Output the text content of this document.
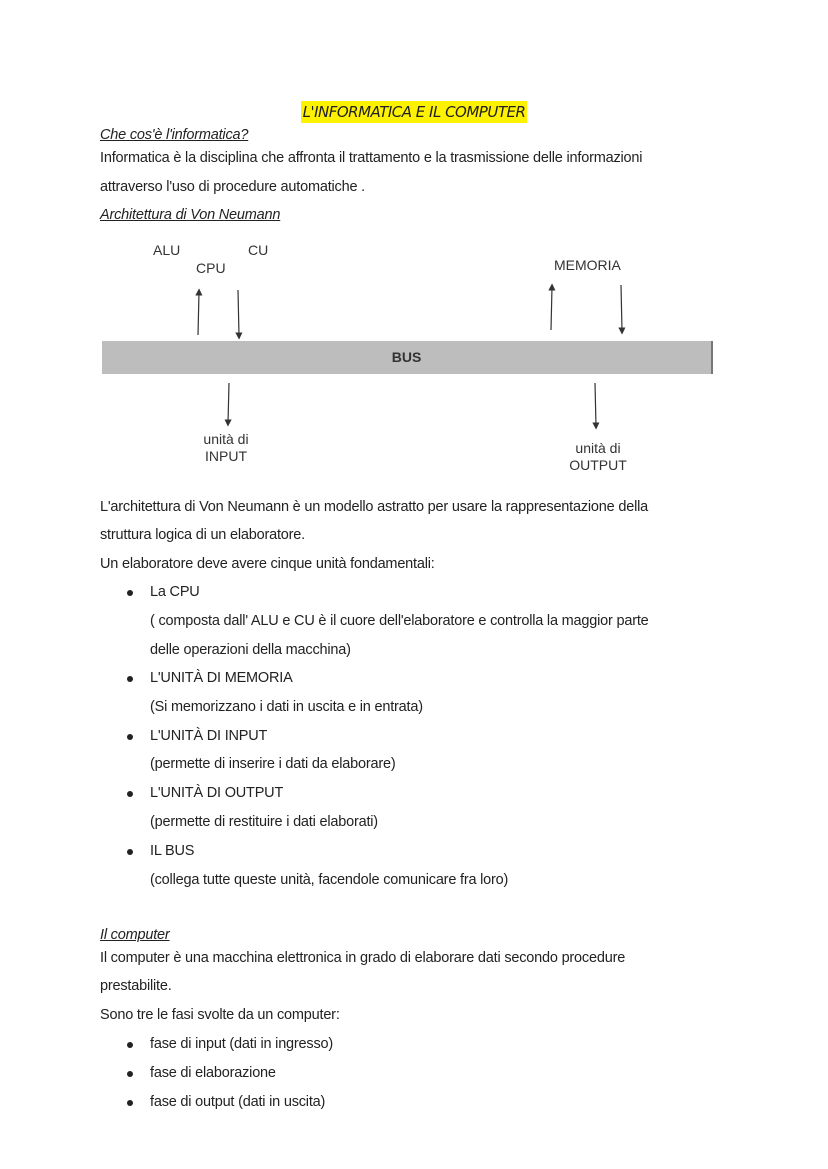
L'INFORMATICA E IL COMPUTER
Che cos'è l'informatica?
Informatica è la disciplina che affronta il trattamento e la trasmissione delle informazioni
attraverso l'uso di procedure automatiche .
Architettura di Von Neumann
ALU	CU
CPU	MEMORIA
BUS
unità di
INPUT	unità di
OUTPUT
L'architettura di Von Neumann è un modello astratto per usare la rappresentazione della
struttura logica di un elaboratore.
Un elaboratore deve avere cinque unità fondamentali:
La CPU
( composta dall' ALU e CU è il cuore dell'elaboratore e controlla la maggior parte
delle operazioni della macchina)
L'UNITÀ DI MEMORIA
(Si memorizzano i dati in uscita e in entrata)
L'UNITÀ DI INPUT
(permette di inserire i dati da elaborare)
L'UNITÀ DI OUTPUT
(permette di restituire i dati elaborati)
IL BUS
(collega tutte queste unità, facendole comunicare fra loro)
Il computer
Il computer è una macchina elettronica in grado di elaborare dati secondo procedure
prestabilite.
Sono tre le fasi svolte da un computer:
fase di input (dati in ingresso)
fase di elaborazione
fase di output (dati in uscita)
